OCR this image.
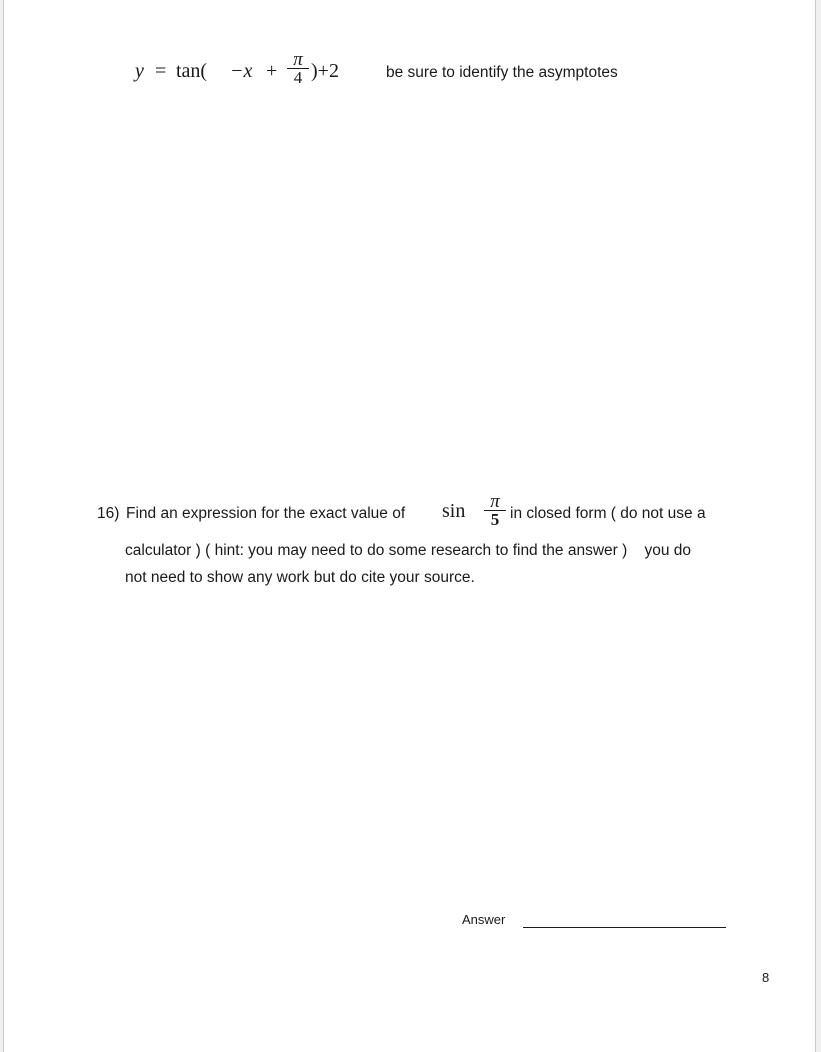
y = tan( −x +
π
4 )+2	be sure to identify the asymptotes
16) Find an expression for the exact value of sin	π
5 in closed form ( do not use a
calculator ) ( hint: you may need to do some research to find the answer )    you do
not need to show any work but do cite your source.
Answer
8
